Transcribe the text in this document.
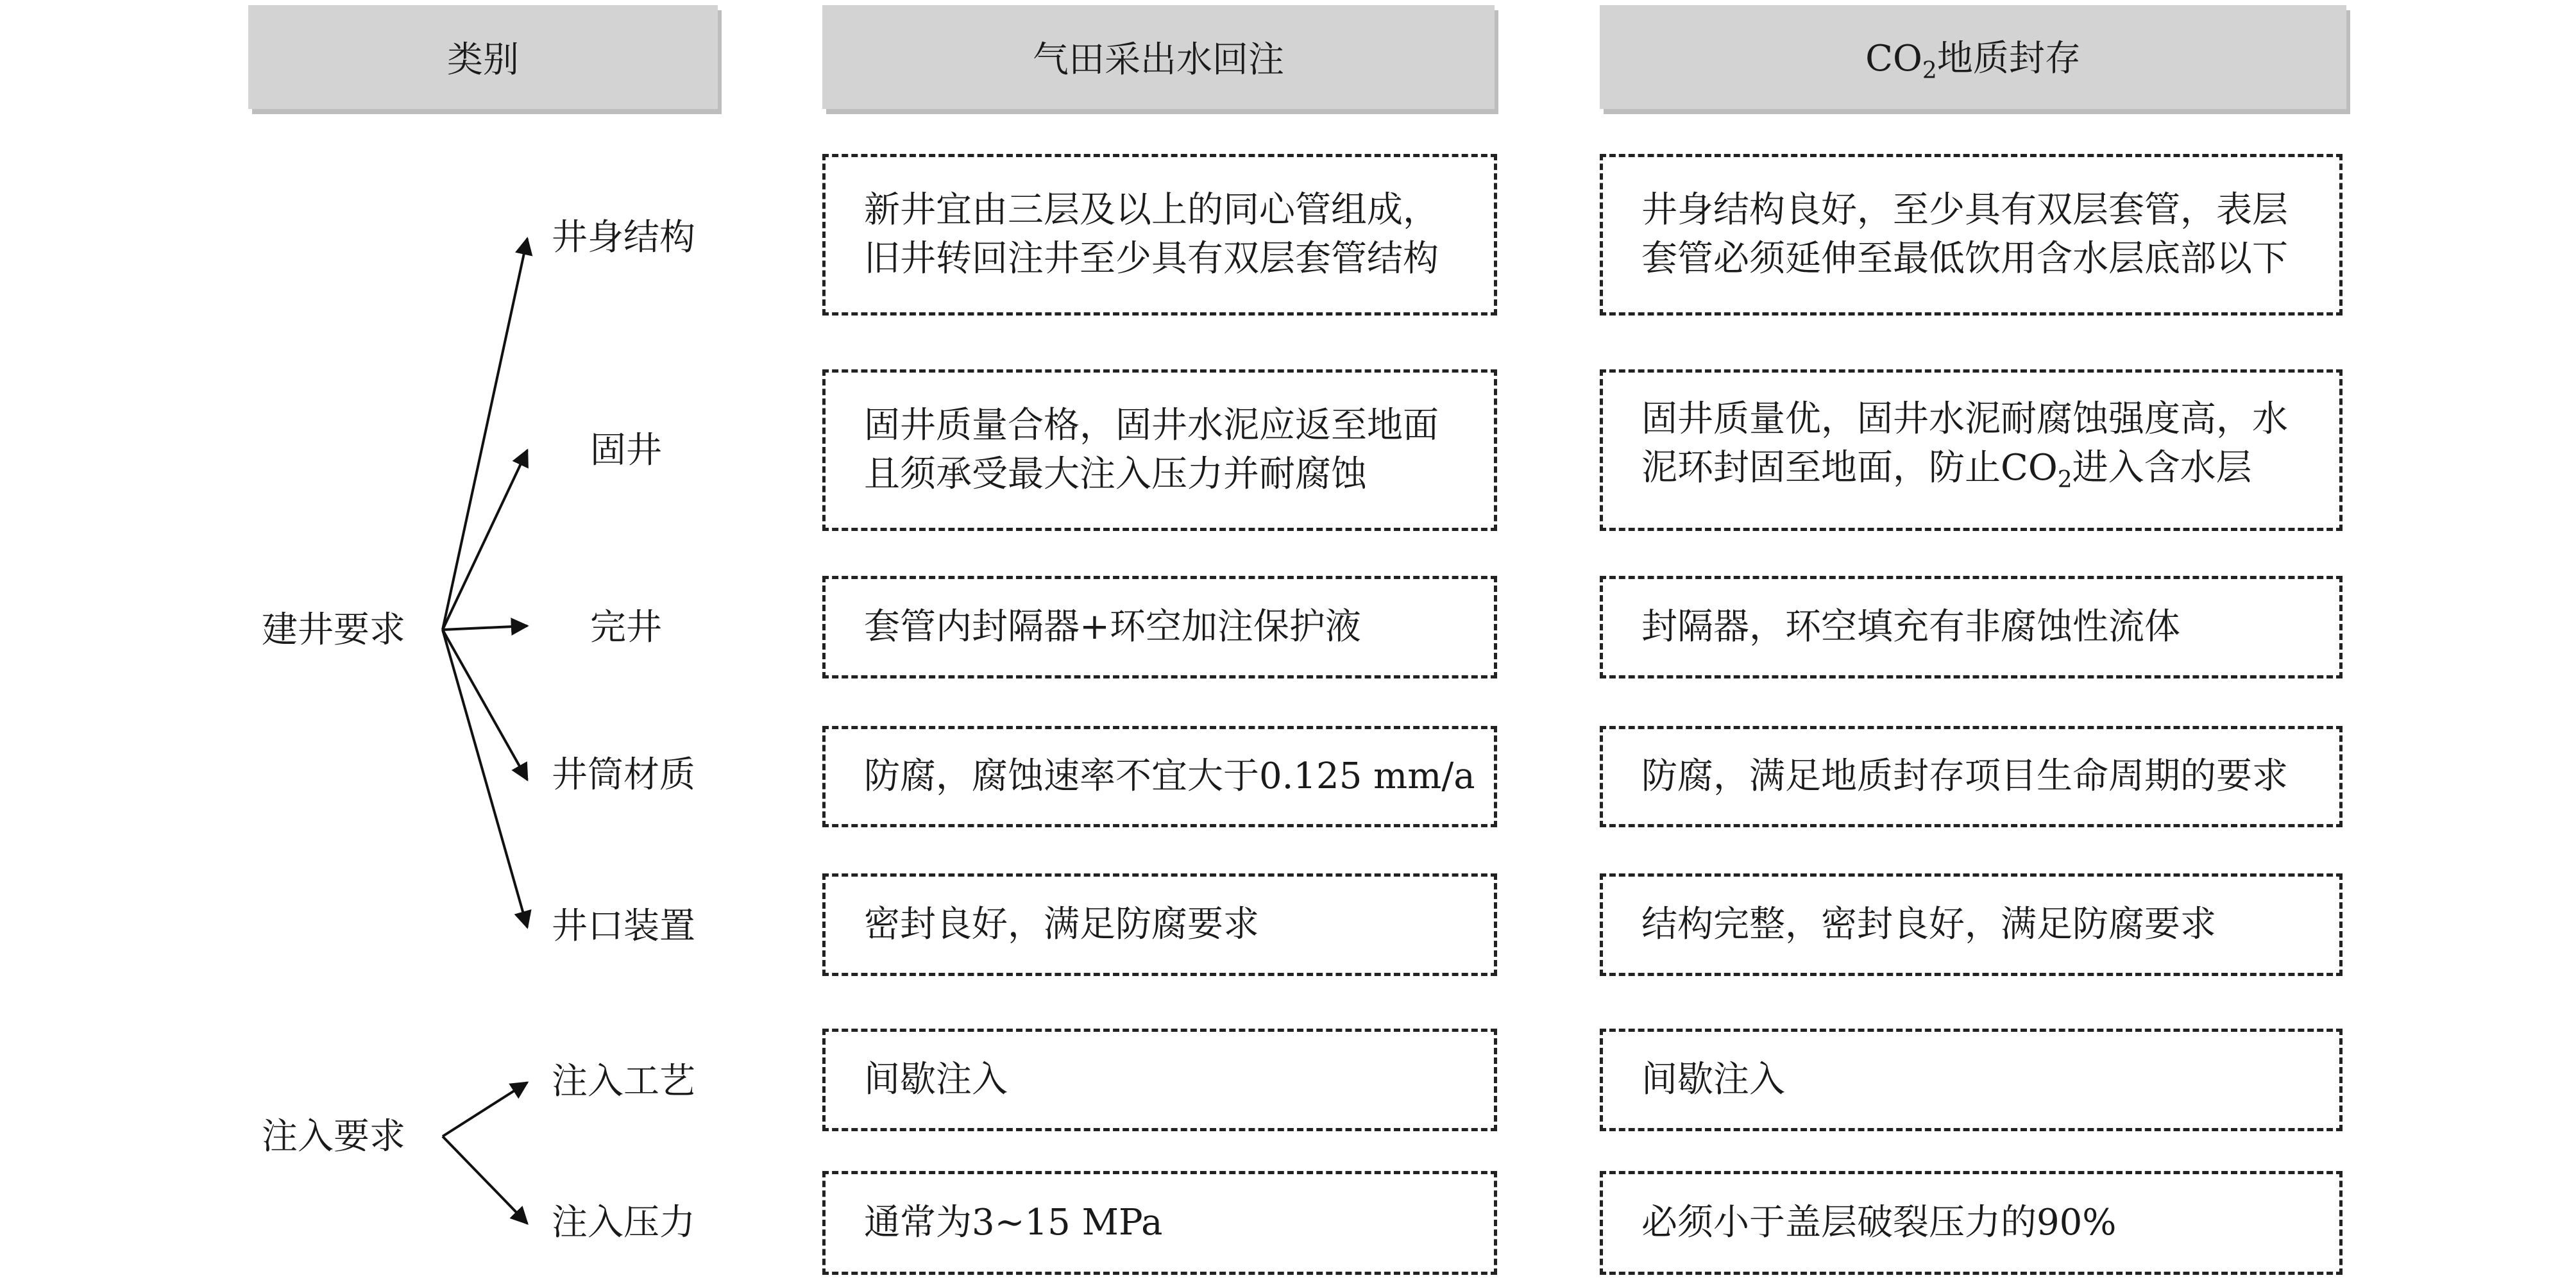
类别	气田采出水回注	$CO_2$地质封存
建井要求
注入要求
井身结构
固井
完井
井筒材质
井口装置
注入工艺
注入压力
新井宜由三层及以上的同心管组成，
旧井转回注井至少具有双层套管结构
固井质量合格，固井水泥应返至地面
且须承受最大注入压力并耐腐蚀
套管内封隔器+环空加注保护液
防腐，腐蚀速率不宜大于0.125 mm/a
密封良好，满足防腐要求
间歇注入
通常为3~15 MPa
井身结构良好，至少具有双层套管，表层
套管必须延伸至最低饮用含水层底部以下
固井质量优，固井水泥耐腐蚀强度高，水
泥环封固至地面，防止$CO_2$进入含水层
封隔器，环空填充有非腐蚀性流体
防腐，满足地质封存项目生命周期的要求
结构完整，密封良好，满足防腐要求
间歇注入
必须小于盖层破裂压力的90%
